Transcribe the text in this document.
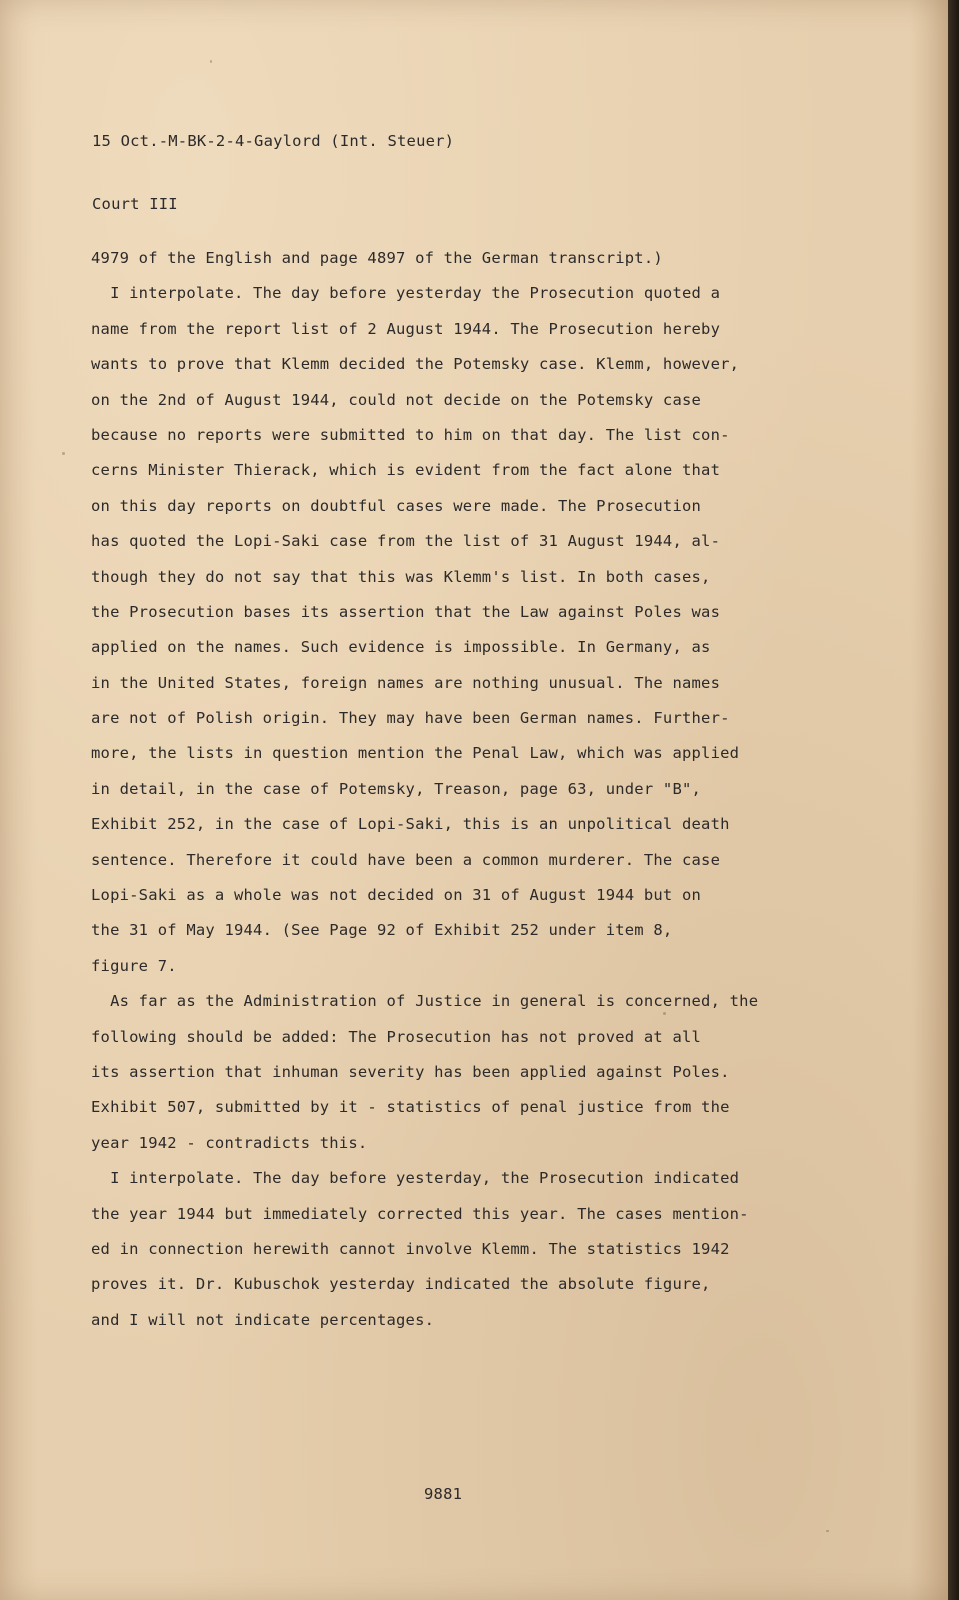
15 Oct.-M-BK-2-4-Gaylord (Int. Steuer)

Court III

4979 of the English and page 4897 of the German transcript.)
I interpolate. The day before yesterday the Prosecution quoted a
name from the report list of 2 August 1944. The Prosecution hereby
wants to prove that Klemm decided the Potemsky case. Klemm, however,
on the 2nd of August 1944, could not decide on the Potemsky case
because no reports were submitted to him on that day. The list con-
cerns Minister Thierack, which is evident from the fact alone that
on this day reports on doubtful cases were made. The Prosecution
has quoted the Lopi-Saki case from the list of 31 August 1944, al-
though they do not say that this was Klemm's list. In both cases,
the Prosecution bases its assertion that the Law against Poles was
applied on the names. Such evidence is impossible. In Germany, as
in the United States, foreign names are nothing unusual. The names
are not of Polish origin. They may have been German names. Further-
more, the lists in question mention the Penal Law, which was applied
in detail, in the case of Potemsky, Treason, page 63, under "B",
Exhibit 252, in the case of Lopi-Saki, this is an unpolitical death
sentence. Therefore it could have been a common murderer. The case
Lopi-Saki as a whole was not decided on 31 of August 1944 but on
the 31 of May 1944. (See Page 92 of Exhibit 252 under item 8,
figure 7.
As far as the Administration of Justice in general is concerned, the
following should be added: The Prosecution has not proved at all
its assertion that inhuman severity has been applied against Poles.
Exhibit 507, submitted by it - statistics of penal justice from the
year 1942 - contradicts this.
I interpolate. The day before yesterday, the Prosecution indicated
the year 1944 but immediately corrected this year. The cases mention-
ed in connection herewith cannot involve Klemm. The statistics 1942
proves it. Dr. Kubuschok yesterday indicated the absolute figure,
and I will not indicate percentages.
9881
